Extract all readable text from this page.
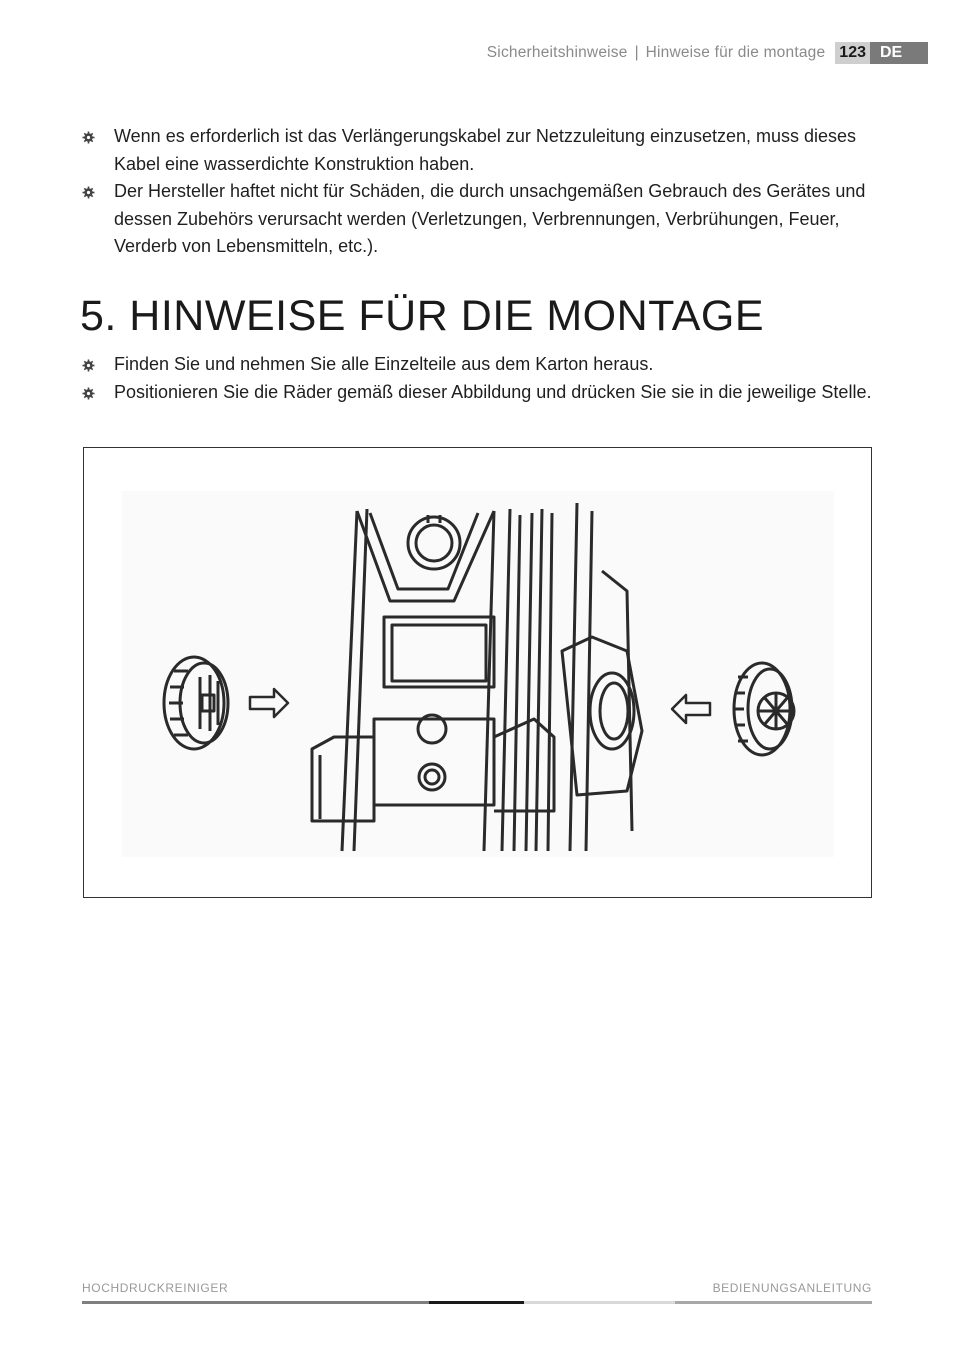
Sicherheitshinweise | Hinweise für die montage 123 DE
Wenn es erforderlich ist das Verlängerungskabel zur Netzzuleitung einzusetzen, muss dieses Kabel eine wasserdichte Konstruktion haben.
Der Hersteller haftet nicht für Schäden, die durch unsachgemäßen Gebrauch des Gerätes und dessen Zubehörs verursacht werden (Verletzungen, Verbrennungen, Verbrühungen, Feuer, Verderb von Lebensmitteln, etc.).
5. HINWEISE FÜR DIE MONTAGE
Finden Sie und nehmen Sie alle Einzelteile aus dem Karton heraus.
Positionieren Sie die Räder gemäß dieser Abbildung und drücken Sie sie in die jeweilige Stelle.
HOCHDRUCKREINIGER	BEDIENUNGSANLEITUNG
